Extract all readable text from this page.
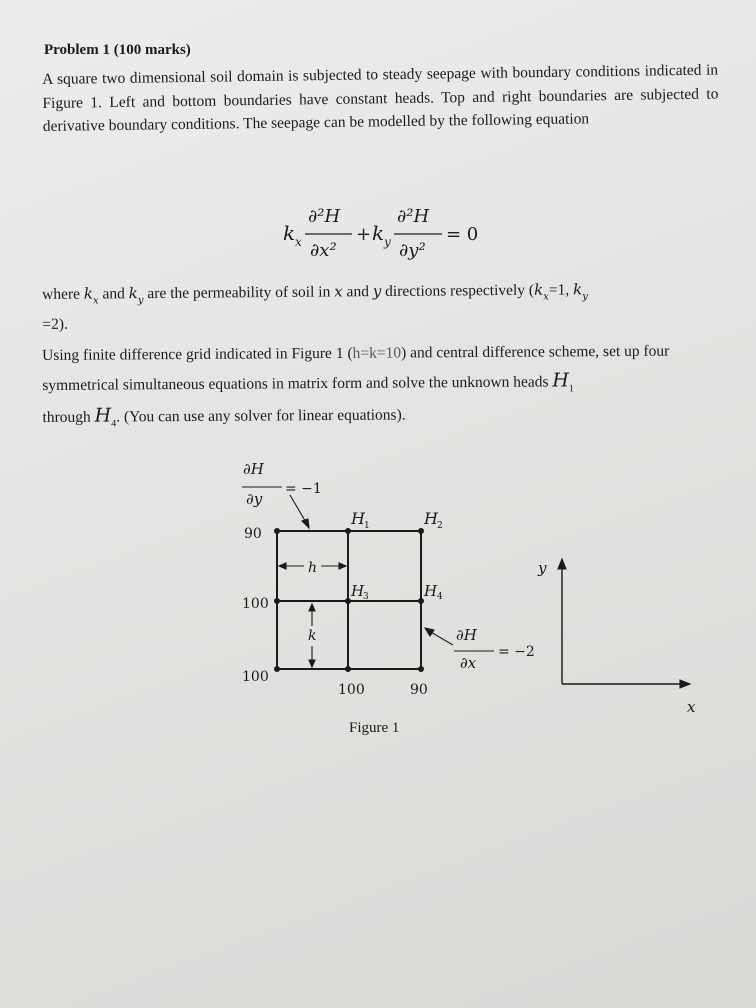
Problem 1 (100 marks)
A square two dimensional soil domain is subjected to steady seepage with boundary conditions indicated in Figure 1. Left and bottom boundaries have constant heads. Top and right boundaries are subjected to derivative boundary conditions. The seepage can be modelled by the following equation
k x
∂²H
∂x²
+ k y
∂²H
∂y²
= 0
where $k_x$ and $k_y$ are the permeability of soil in x and y directions respectively ($k_x=1$, $k_y$
=2).
Using finite difference grid indicated in Figure 1 (h=k=10) and central difference scheme, set up four symmetrical simultaneous equations in matrix form and solve the unknown heads $H_1$
through $H_4$. (You can use any solver for linear equations).
90
100
100
100	90
H 1	H 2
H
3	H 4
∂H
∂y
= −1
∂H
∂x
= −2
h
k
y
x
Figure 1
